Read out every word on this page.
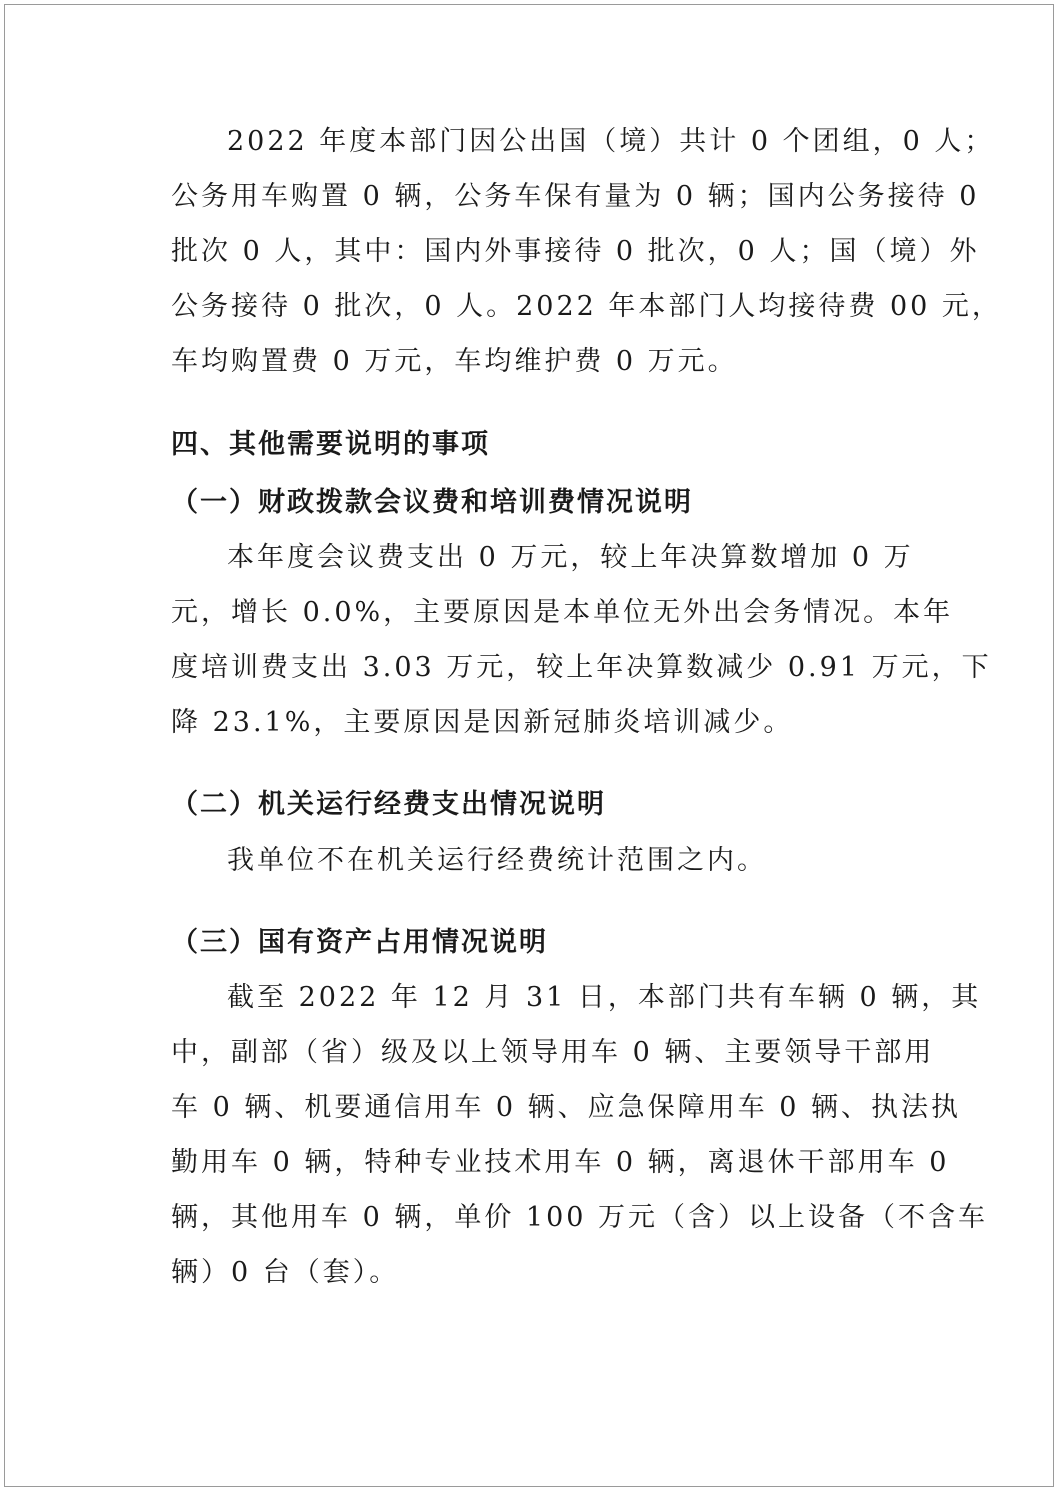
2022 年度本部门因公出国（境）共计 0 个团组，0 人；
公务用车购置 0 辆，公务车保有量为 0 辆；国内公务接待 0
批次 0 人，其中：国内外事接待 0 批次，0 人；国（境）外
公务接待 0 批次，0 人。2022 年本部门人均接待费 00 元，
车均购置费 0 万元，车均维护费 0 万元。
四、其他需要说明的事项
（一）财政拨款会议费和培训费情况说明
本年度会议费支出 0 万元，较上年决算数增加 0 万
元，增长 0.0%，主要原因是本单位无外出会务情况。本年
度培训费支出 3.03 万元，较上年决算数减少 0.91 万元，下
降 23.1%，主要原因是因新冠肺炎培训减少。
（二）机关运行经费支出情况说明
我单位不在机关运行经费统计范围之内。
（三）国有资产占用情况说明
截至 2022 年 12 月 31 日，本部门共有车辆 0 辆，其
中，副部（省）级及以上领导用车 0 辆、主要领导干部用
车 0 辆、机要通信用车 0 辆、应急保障用车 0 辆、执法执
勤用车 0 辆，特种专业技术用车 0 辆，离退休干部用车 0
辆，其他用车 0 辆，单价 100 万元（含）以上设备（不含车
辆）0 台（套）。
